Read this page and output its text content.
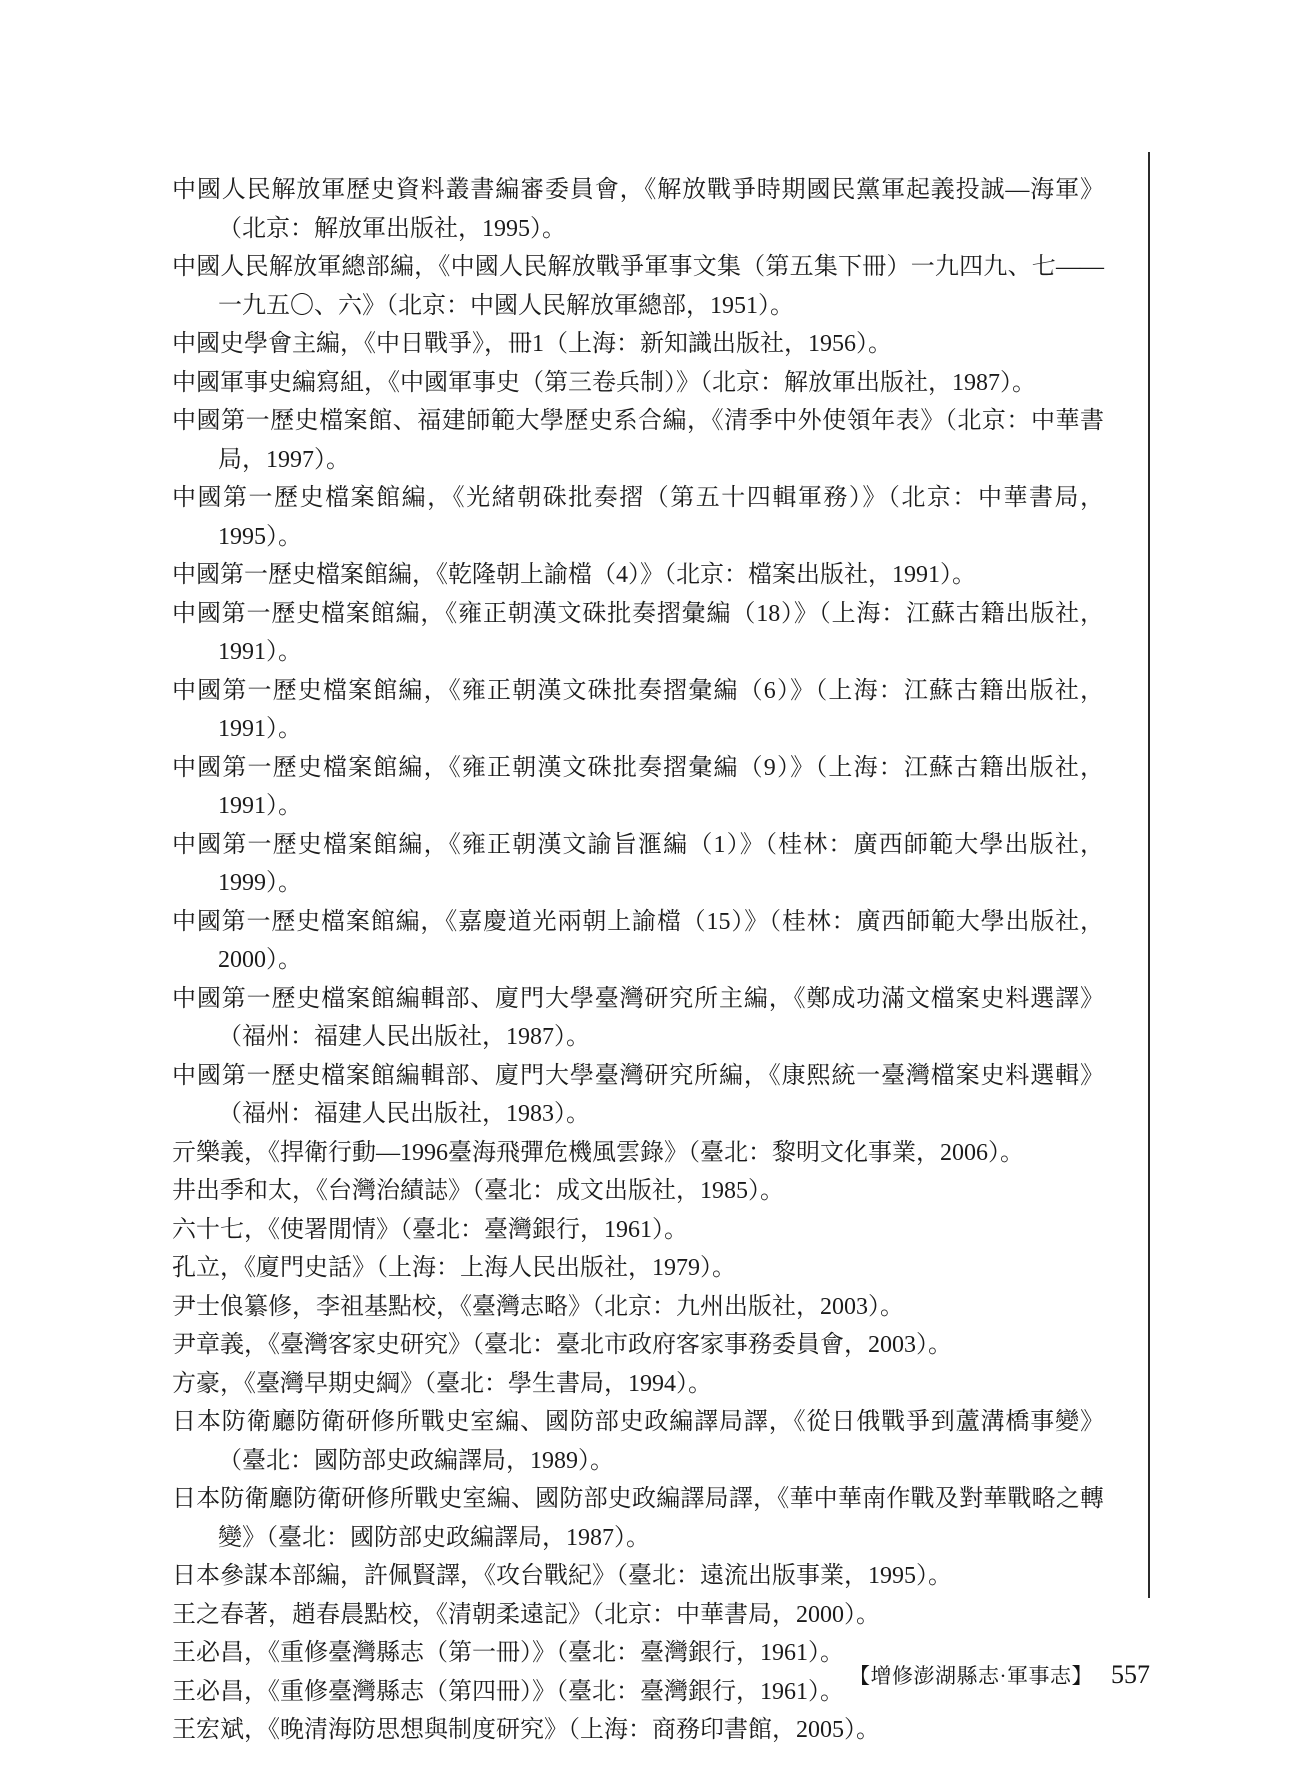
中國人民解放軍歷史資料叢書編審委員會，《解放戰爭時期國民黨軍起義投誠—海軍》（北京：解放軍出版社，1995）。

中國人民解放軍總部編，《中國人民解放戰爭軍事文集（第五集下冊）一九四九、七——一九五〇、六》（北京：中國人民解放軍總部，1951）。

中國史學會主編，《中日戰爭》，冊1（上海：新知識出版社，1956）。

中國軍事史編寫組，《中國軍事史（第三卷兵制）》（北京：解放軍出版社，1987）。

中國第一歷史檔案館、福建師範大學歷史系合編，《清季中外使領年表》（北京：中華書局，1997）。

中國第一歷史檔案館編，《光緒朝硃批奏摺（第五十四輯軍務）》（北京：中華書局，1995）。

中國第一歷史檔案館編，《乾隆朝上諭檔（4）》（北京：檔案出版社，1991）。

中國第一歷史檔案館編，《雍正朝漢文硃批奏摺彙編（18）》（上海：江蘇古籍出版社，1991）。

中國第一歷史檔案館編，《雍正朝漢文硃批奏摺彙編（6）》（上海：江蘇古籍出版社，1991）。

中國第一歷史檔案館編，《雍正朝漢文硃批奏摺彙編（9）》（上海：江蘇古籍出版社，1991）。

中國第一歷史檔案館編，《雍正朝漢文諭旨滙編（1）》（桂林：廣西師範大學出版社，1999）。

中國第一歷史檔案館編，《嘉慶道光兩朝上諭檔（15）》（桂林：廣西師範大學出版社，2000）。

中國第一歷史檔案館編輯部、廈門大學臺灣研究所主編，《鄭成功滿文檔案史料選譯》（福州：福建人民出版社，1987）。

中國第一歷史檔案館編輯部、廈門大學臺灣研究所編，《康熙統一臺灣檔案史料選輯》（福州：福建人民出版社，1983）。

亓樂義，《捍衛行動—1996臺海飛彈危機風雲錄》（臺北：黎明文化事業，2006）。

井出季和太，《台灣治績誌》（臺北：成文出版社，1985）。

六十七，《使署閒情》（臺北：臺灣銀行，1961）。

孔立，《廈門史話》（上海：上海人民出版社，1979）。

尹士俍纂修，李祖基點校，《臺灣志略》（北京：九州出版社，2003）。

尹章義，《臺灣客家史研究》（臺北：臺北市政府客家事務委員會，2003）。

方豪，《臺灣早期史綱》（臺北：學生書局，1994）。

日本防衛廳防衛研修所戰史室編、國防部史政編譯局譯，《從日俄戰爭到蘆溝橋事變》（臺北：國防部史政編譯局，1989）。

日本防衛廳防衛研修所戰史室編、國防部史政編譯局譯，《華中華南作戰及對華戰略之轉變》（臺北：國防部史政編譯局，1987）。

日本參謀本部編，許佩賢譯，《攻台戰紀》（臺北：遠流出版事業，1995）。

王之春著，趙春晨點校，《清朝柔遠記》（北京：中華書局，2000）。

王必昌，《重修臺灣縣志（第一冊）》（臺北：臺灣銀行，1961）。

王必昌，《重修臺灣縣志（第四冊）》（臺北：臺灣銀行，1961）。

王宏斌，《晚清海防思想與制度研究》（上海：商務印書館，2005）。

【增修澎湖縣志·軍事志】 557
